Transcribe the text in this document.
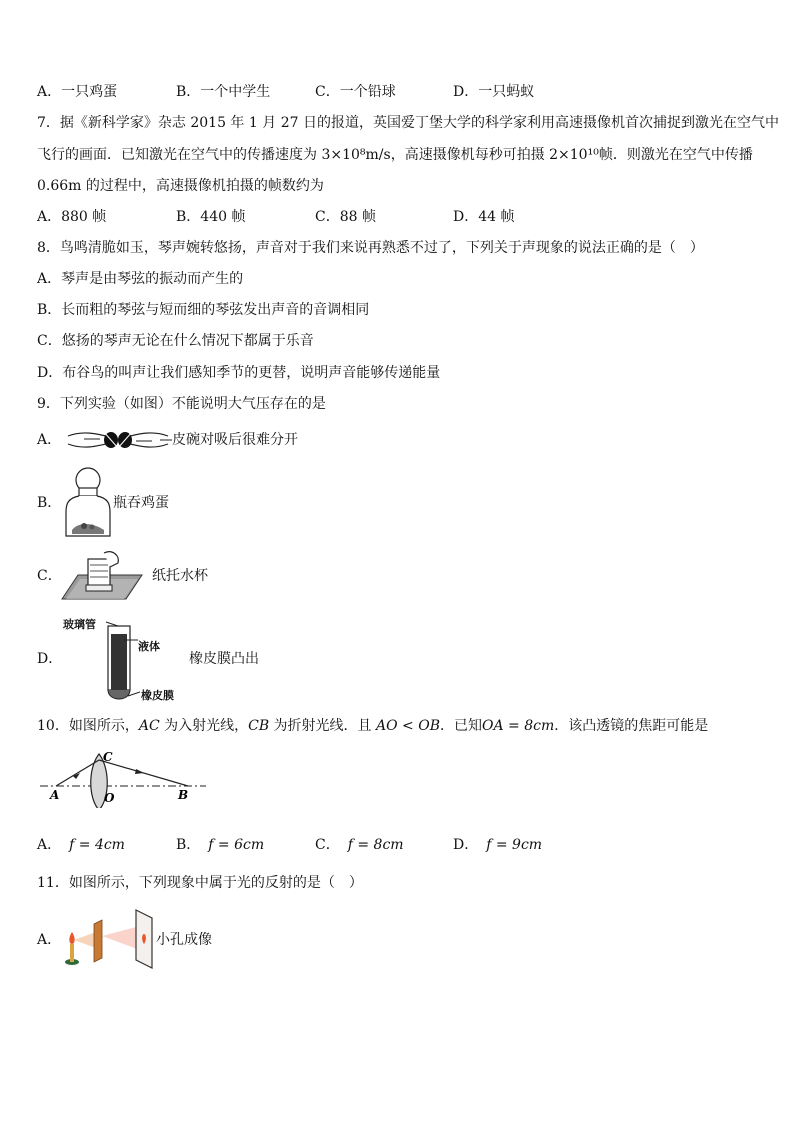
A．一只鸡蛋	B．一个中学生	C．一个铅球	D．一只蚂蚁
7．据《新科学家》杂志 2015 年 1 月 27 日的报道，英国爱丁堡大学的科学家利用高速摄像机首次捕捉到激光在空气中
飞行的画面．已知激光在空气中的传播速度为 3×10⁸m/s，高速摄像机每秒可拍摄 2×10¹⁰帧．则激光在空气中传播
0.66m 的过程中，高速摄像机拍摄的帧数约为
A．880 帧	B．440 帧	C．88 帧	D．44 帧
8．鸟鸣清脆如玉，琴声婉转悠扬，声音对于我们来说再熟悉不过了，下列关于声现象的说法正确的是（　）
A．琴声是由琴弦的振动而产生的
B．长而粗的琴弦与短而细的琴弦发出声音的音调相同
C．悠扬的琴声无论在什么情况下都属于乐音
D．布谷鸟的叫声让我们感知季节的更替，说明声音能够传递能量
9．下列实验（如图）不能说明大气压存在的是
A．	皮碗对吸后很难分开
B．	瓶吞鸡蛋
C．	纸托水杯
D．
玻璃管
液体
橡皮膜
橡皮膜凸出
10．如图所示，AC 为入射光线，CB 为折射光线．且 AO < OB．已知OA = 8cm．该凸透镜的焦距可能是
A	O	B
C
A． f = 4cm	B． f = 6cm	C． f = 8cm	D． f = 9cm
11．如图所示，下列现象中属于光的反射的是（　）
A．	小孔成像
